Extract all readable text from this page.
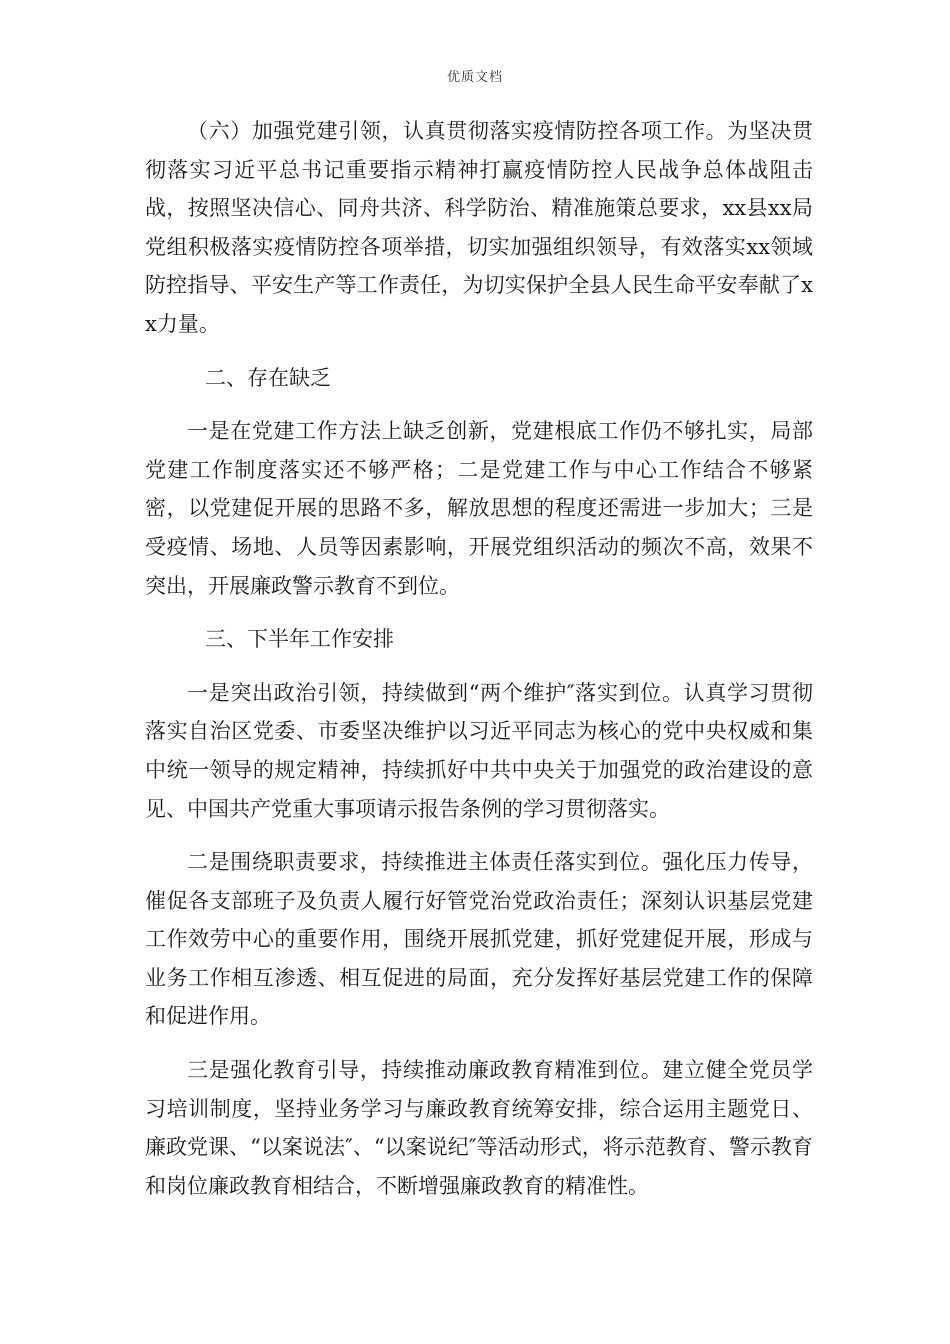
优质文档

（六）加强党建引领，认真贯彻落实疫情防控各项工作。为坚决贯彻落实习近平总书记重要指示精神打赢疫情防控人民战争总体战阻击战，按照坚决信心、同舟共济、科学防治、精准施策总要求，xx县xx局党组积极落实疫情防控各项举措，切实加强组织领导，有效落实xx领域防控指导、平安生产等工作责任，为切实保护全县人民生命平安奉献了xx力量。

二、存在缺乏

一是在党建工作方法上缺乏创新，党建根底工作仍不够扎实，局部党建工作制度落实还不够严格；二是党建工作与中心工作结合不够紧密，以党建促开展的思路不多，解放思想的程度还需进一步加大；三是受疫情、场地、人员等因素影响，开展党组织活动的频次不高，效果不突出，开展廉政警示教育不到位。

三、下半年工作安排

一是突出政治引领，持续做到“两个维护″落实到位。认真学习贯彻落实自治区党委、市委坚决维护以习近平同志为核心的党中央权威和集中统一领导的规定精神，持续抓好中共中央关于加强党的政治建设的意见、中国共产党重大事项请示报告条例的学习贯彻落实。

二是围绕职责要求，持续推进主体责任落实到位。强化压力传导，催促各支部班子及负责人履行好管党治党政治责任；深刻认识基层党建工作效劳中心的重要作用，围绕开展抓党建，抓好党建促开展，形成与业务工作相互渗透、相互促进的局面，充分发挥好基层党建工作的保障和促进作用。

三是强化教育引导，持续推动廉政教育精准到位。建立健全党员学习培训制度，坚持业务学习与廉政教育统筹安排，综合运用主题党日、廉政党课、“以案说法″、“以案说纪″等活动形式，将示范教育、警示教育和岗位廉政教育相结合，不断增强廉政教育的精准性。
